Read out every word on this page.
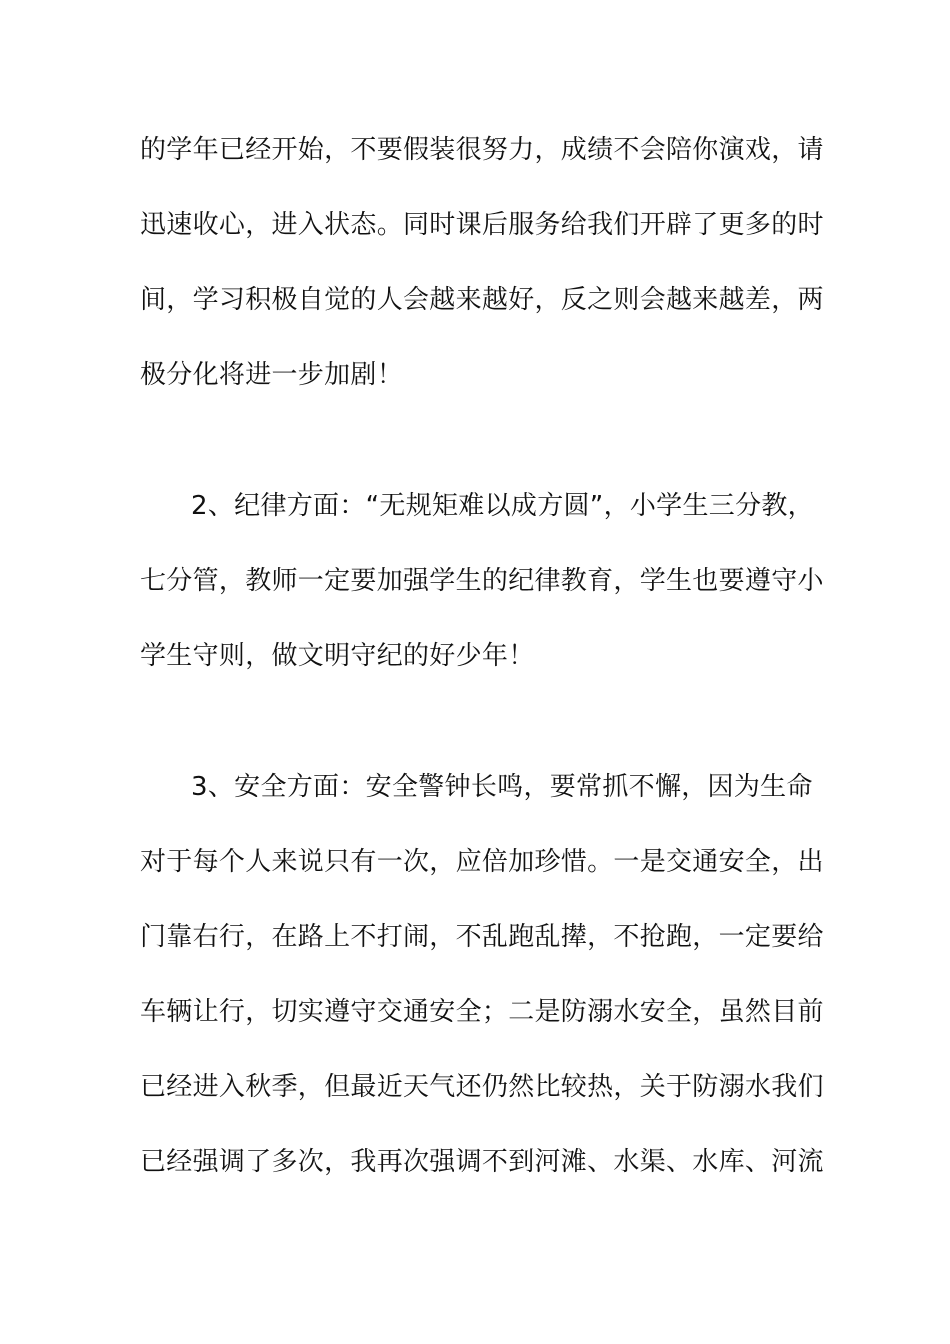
的学年已经开始，不要假装很努力，成绩不会陪你演戏，请
迅速收心，进入状态。同时课后服务给我们开辟了更多的时
间，学习积极自觉的人会越来越好，反之则会越来越差，两
极分化将进一步加剧！
2、纪律方面：“无规矩难以成方圆”，小学生三分教，
七分管，教师一定要加强学生的纪律教育，学生也要遵守小
学生守则，做文明守纪的好少年！
3、安全方面：安全警钟长鸣，要常抓不懈，因为生命
对于每个人来说只有一次，应倍加珍惜。一是交通安全，出
门靠右行，在路上不打闹，不乱跑乱撵，不抢跑，一定要给
车辆让行，切实遵守交通安全；二是防溺水安全，虽然目前
已经进入秋季，但最近天气还仍然比较热，关于防溺水我们
已经强调了多次，我再次强调不到河滩、水渠、水库、河流
